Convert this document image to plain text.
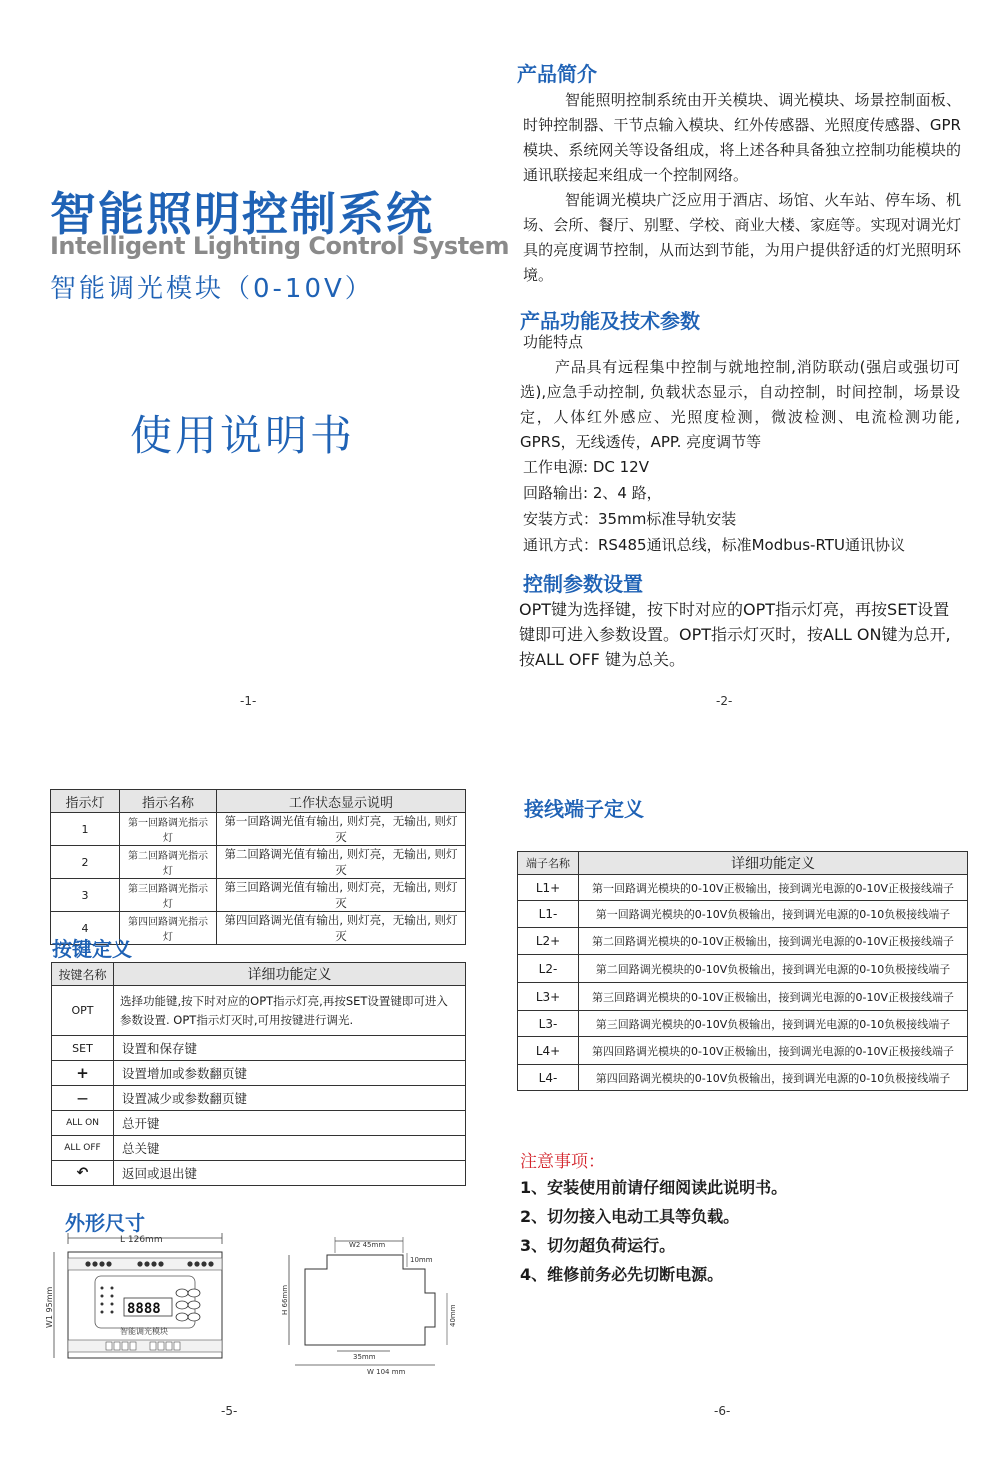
智能照明控制系统
Intelligent Lighting Control System
智能调光模块（0-10V）
使用说明书
-1-
产品简介
智能照明控制系统由开关模块、调光模块、场景控制面板、时钟控制器、干节点输入模块、红外传感器、光照度传感器、GPR模块、系统网关等设备组成，将上述各种具备独立控制功能模块的通讯联接起来组成一个控制网络。
智能调光模块广泛应用于酒店、场馆、火车站、停车场、机场、会所、餐厅、别墅、学校、商业大楼、家庭等。实现对调光灯具的亮度调节控制，从而达到节能，为用户提供舒适的灯光照明环境。
产品功能及技术参数
功能特点
产品具有远程集中控制与就地控制,消防联动(强启或强切可选),应急手动控制, 负载状态显示，自动控制，时间控制，场景设定，人体红外感应、光照度检测，微波检测、电流检测功能, GPRS，无线透传，APP. 亮度调节等
工作电源: DC 12V
回路输出: 2、4 路，
安装方式：35mm标准导轨安装
通讯方式：RS485通讯总线，标准Modbus-RTU通讯协议
控制参数设置
OPT键为选择键，按下时对应的OPT指示灯亮，再按SET设置键即可进入参数设置。OPT指示灯灭时，按ALL ON键为总开, 按ALL OFF 键为总关。
-2-
指示灯	指示名称	工作状态显示说明
1	第一回路调光指示灯	第一回路调光值有输出, 则灯亮，无输出, 则灯灭
2	第二回路调光指示灯	第二回路调光值有输出, 则灯亮，无输出, 则灯灭
3	第三回路调光指示灯	第三回路调光值有输出, 则灯亮，无输出, 则灯灭
4	第四回路调光指示灯	第四回路调光值有输出, 则灯亮，无输出, 则灯灭
按键定义
按键名称	详细功能定义
OPT	选择功能键,按下时对应的OPT指示灯亮,再按SET设置键即可进入参数设置. OPT指示灯灭时,可用按键进行调光.
SET	设置和保存键
+	设置增加或参数翻页键
—	设置减少或参数翻页键
ALL ON	总开键
ALL OFF	总关键
↶	返回或退出键
外形尺寸
L 126mm
W1 95mm	8888
智能调光模块
W2 45mm
10mm
H 66mm
40mm
35mm
W 104 mm
-5-
接线端子定义
端子名称	详细功能定义
L1+	第一回路调光模块的0-10V正极输出，接到调光电源的0-10V正极接线端子
L1-	第一回路调光模块的0-10V负极输出，接到调光电源的0-10负极接线端子
L2+	第二回路调光模块的0-10V正极输出，接到调光电源的0-10V正极接线端子
L2-	第二回路调光模块的0-10V负极输出，接到调光电源的0-10负极接线端子
L3+	第三回路调光模块的0-10V正极输出，接到调光电源的0-10V正极接线端子
L3-	第三回路调光模块的0-10V负极输出，接到调光电源的0-10负极接线端子
L4+	第四回路调光模块的0-10V正极输出，接到调光电源的0-10V正极接线端子
L4-	第四回路调光模块的0-10V负极输出，接到调光电源的0-10负极接线端子
注意事项：
1、安装使用前请仔细阅读此说明书。
2、切勿接入电动工具等负载。
3、切勿超负荷运行。
4、维修前务必先切断电源。
-6-
